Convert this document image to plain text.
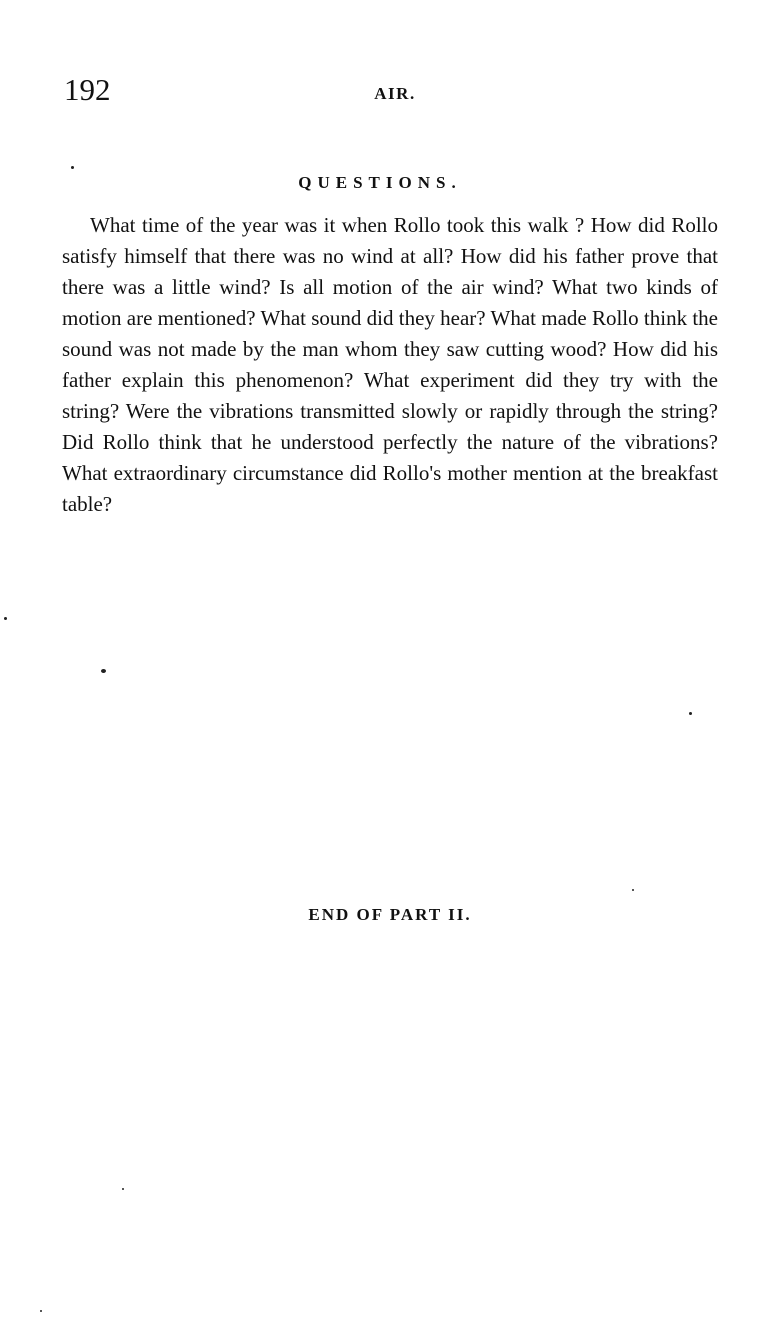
192	AIR.
QUESTIONS.

What time of the year was it when Rollo took this walk ? How did Rollo satisfy himself that there was no wind at all? How did his father prove that there was a little wind? Is all motion of the air wind? What two kinds of motion are mentioned? What sound did they hear? What made Rollo think the sound was not made by the man whom they saw cutting wood? How did his father explain this phenomenon? What experiment did they try with the string? Were the vibrations transmitted slowly or rapidly through the string? Did Rollo think that he understood perfectly the nature of the vibrations? What extraordinary circumstance did Rollo's mother mention at the breakfast table?

END OF PART II.
